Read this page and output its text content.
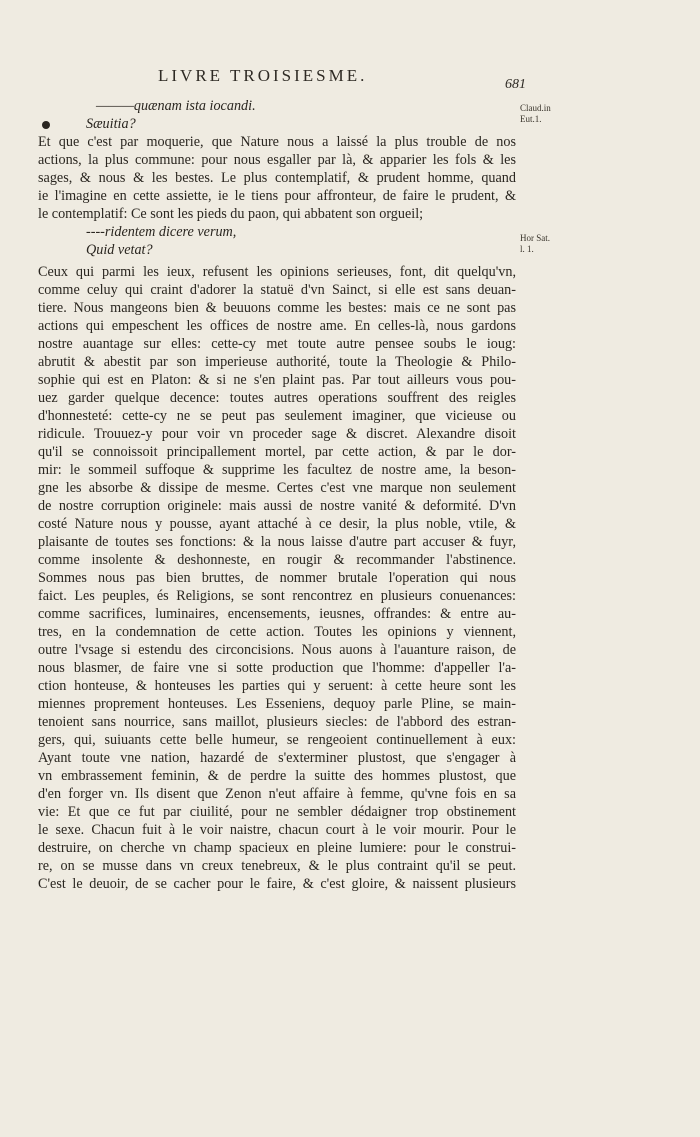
LIVRE TROISIESME.	681
Claud.in
Eut.1.
Hor Sat.
l. 1.
———quænam ista iocandi.
Sæuitia?
Et que c'est par moquerie, que Nature nous a laissé la plus trouble de nos
actions, la plus commune: pour nous esgaller par là, & apparier les fols & les
sages, & nous & les bestes. Le plus contemplatif, & prudent homme, quand
ie l'imagine en cette assiette, ie le tiens pour affronteur, de faire le prudent, &
le contemplatif: Ce sont les pieds du paon, qui abbatent son orgueil;
----ridentem dicere verum,
Quid vetat?
Ceux qui parmi les ieux, refusent les opinions serieuses, font, dit quelqu'vn,
comme celuy qui craint d'adorer la statuë d'vn Sainct, si elle est sans deuan-
tiere. Nous mangeons bien & beuuons comme les bestes: mais ce ne sont pas
actions qui empeschent les offices de nostre ame. En celles-là, nous gardons
nostre auantage sur elles: cette-cy met toute autre pensee soubs le ioug:
abrutit & abestit par son imperieuse authorité, toute la Theologie & Philo-
sophie qui est en Platon: & si ne s'en plaint pas. Par tout ailleurs vous pou-
uez garder quelque decence: toutes autres operations souffrent des reigles
d'honnesteté: cette-cy ne se peut pas seulement imaginer, que vicieuse ou
ridicule. Trouuez-y pour voir vn proceder sage & discret. Alexandre disoit
qu'il se connoissoit principallement mortel, par cette action, & par le dor-
mir: le sommeil suffoque & supprime les facultez de nostre ame, la beson-
gne les absorbe & dissipe de mesme. Certes c'est vne marque non seulement
de nostre corruption originele: mais aussi de nostre vanité & deformité. D'vn
costé Nature nous y pousse, ayant attaché à ce desir, la plus noble, vtile, &
plaisante de toutes ses fonctions: & la nous laisse d'autre part accuser & fuyr,
comme insolente & deshonneste, en rougir & recommander l'abstinence.
Sommes nous pas bien bruttes, de nommer brutale l'operation qui nous
faict. Les peuples, és Religions, se sont rencontrez en plusieurs conuenances:
comme sacrifices, luminaires, encensements, ieusnes, offrandes: & entre au-
tres, en la condemnation de cette action. Toutes les opinions y viennent,
outre l'vsage si estendu des circoncisions. Nous auons à l'auanture raison, de
nous blasmer, de faire vne si sotte production que l'homme: d'appeller l'a-
ction honteuse, & honteuses les parties qui y seruent: à cette heure sont les
miennes proprement honteuses. Les Esseniens, dequoy parle Pline, se main-
tenoient sans nourrice, sans maillot, plusieurs siecles: de l'abbord des estran-
gers, qui, suiuants cette belle humeur, se rengeoient continuellement à eux:
Ayant toute vne nation, hazardé de s'exterminer plustost, que s'engager à
vn embrassement feminin, & de perdre la suitte des hommes plustost, que
d'en forger vn. Ils disent que Zenon n'eut affaire à femme, qu'vne fois en sa
vie: Et que ce fut par ciuilité, pour ne sembler dédaigner trop obstinement
le sexe. Chacun fuit à le voir naistre, chacun court à le voir mourir. Pour le
destruire, on cherche vn champ spacieux en pleine lumiere: pour le construi-
re, on se musse dans vn creux tenebreux, & le plus contraint qu'il se peut.
C'est le deuoir, de se cacher pour le faire, & c'est gloire, & naissent plusieurs
